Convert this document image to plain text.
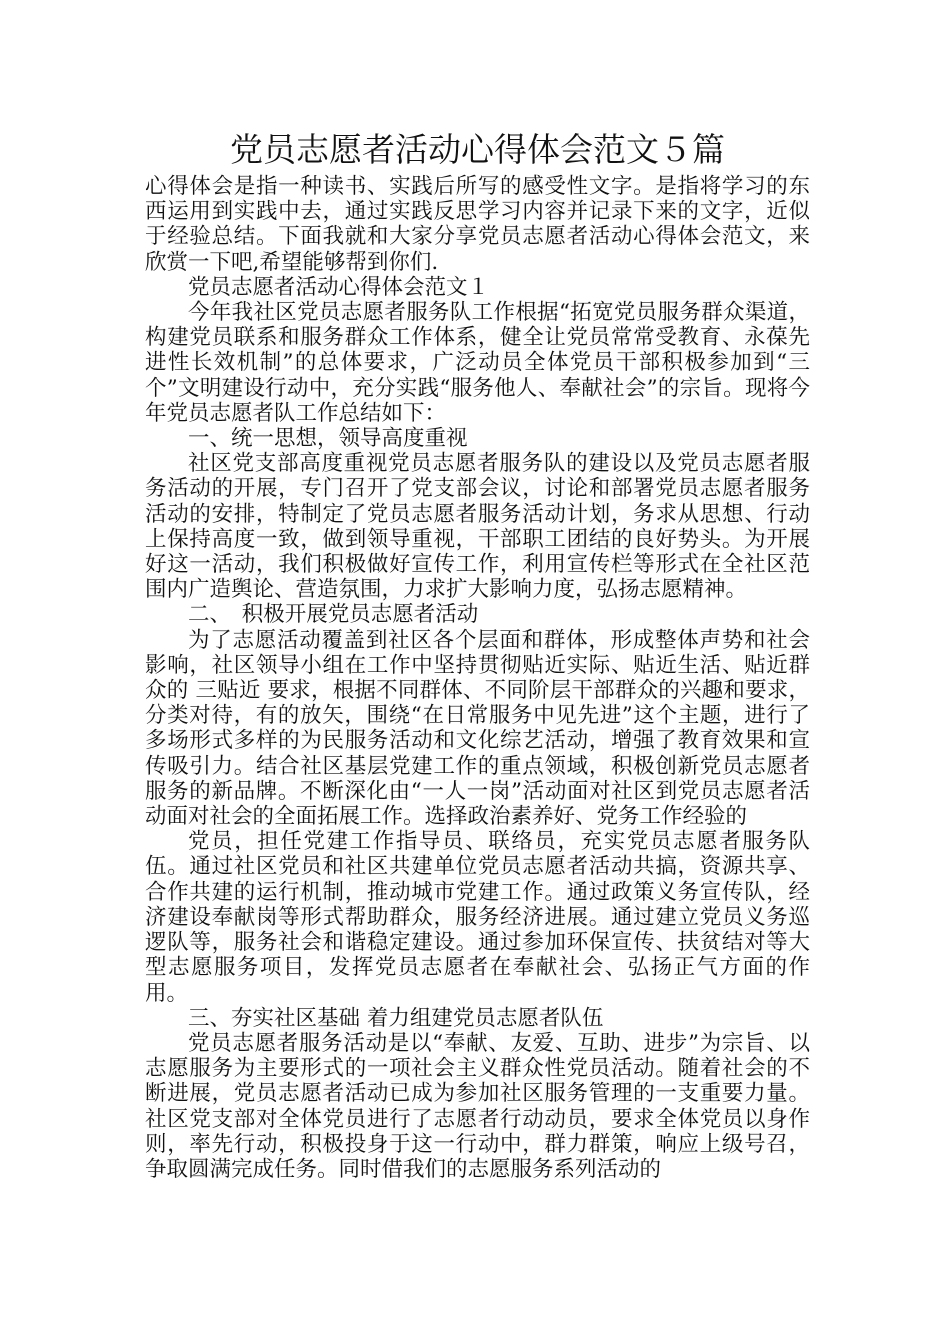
党员志愿者活动心得体会范文５篇

心得体会是指一种读书、实践后所写的感受性文字。是指将学习的东西运用到实践中去，通过实践反思学习内容并记录下来的文字，近似于经验总结。下面我就和大家分享党员志愿者活动心得体会范文，来欣赏一下吧,希望能够帮到你们.

党员志愿者活动心得体会范文１

今年我社区党员志愿者服务队工作根据“拓宽党员服务群众渠道，构建党员联系和服务群众工作体系，健全让党员常常受教育、永葆先进性长效机制”的总体要求，广泛动员全体党员干部积极参加到“三个”文明建设行动中，充分实践“服务他人、奉献社会”的宗旨。现将今年党员志愿者队工作总结如下：

一、统一思想，领导高度重视

社区党支部高度重视党员志愿者服务队的建设以及党员志愿者服务活动的开展，专门召开了党支部会议，讨论和部署党员志愿者服务活动的安排，特制定了党员志愿者服务活动计划，务求从思想、行动上保持高度一致，做到领导重视，干部职工团结的良好势头。为开展好这一活动，我们积极做好宣传工作，利用宣传栏等形式在全社区范围内广造舆论、营造氛围，力求扩大影响力度，弘扬志愿精神。

二、　积极开展党员志愿者活动

为了志愿活动覆盖到社区各个层面和群体，形成整体声势和社会影响，社区领导小组在工作中坚持贯彻贴近实际、贴近生活、贴近群众的 三贴近 要求，根据不同群体、不同阶层干部群众的兴趣和要求，分类对待，有的放矢，围绕“在日常服务中见先进”这个主题，进行了多场形式多样的为民服务活动和文化综艺活动，增强了教育效果和宣传吸引力。结合社区基层党建工作的重点领域，积极创新党员志愿者服务的新品牌。不断深化由“一人一岗”活动面对社区到党员志愿者活动面对社会的全面拓展工作。选择政治素养好、党务工作经验的

党员，担任党建工作指导员、联络员，充实党员志愿者服务队伍。通过社区党员和社区共建单位党员志愿者活动共搞，资源共享、合作共建的运行机制，推动城市党建工作。通过政策义务宣传队，经济建设奉献岗等形式帮助群众，服务经济进展。通过建立党员义务巡逻队等，服务社会和谐稳定建设。通过参加环保宣传、扶贫结对等大型志愿服务项目，发挥党员志愿者在奉献社会、弘扬正气方面的作用。

三、夯实社区基础 着力组建党员志愿者队伍

党员志愿者服务活动是以“奉献、友爱、互助、进步”为宗旨、以志愿服务为主要形式的一项社会主义群众性党员活动。随着社会的不断进展，党员志愿者活动已成为参加社区服务管理的一支重要力量。社区党支部对全体党员进行了志愿者行动动员，要求全体党员以身作则，率先行动，积极投身于这一行动中，群力群策，响应上级号召，争取圆满完成任务。同时借我们的志愿服务系列活动的
